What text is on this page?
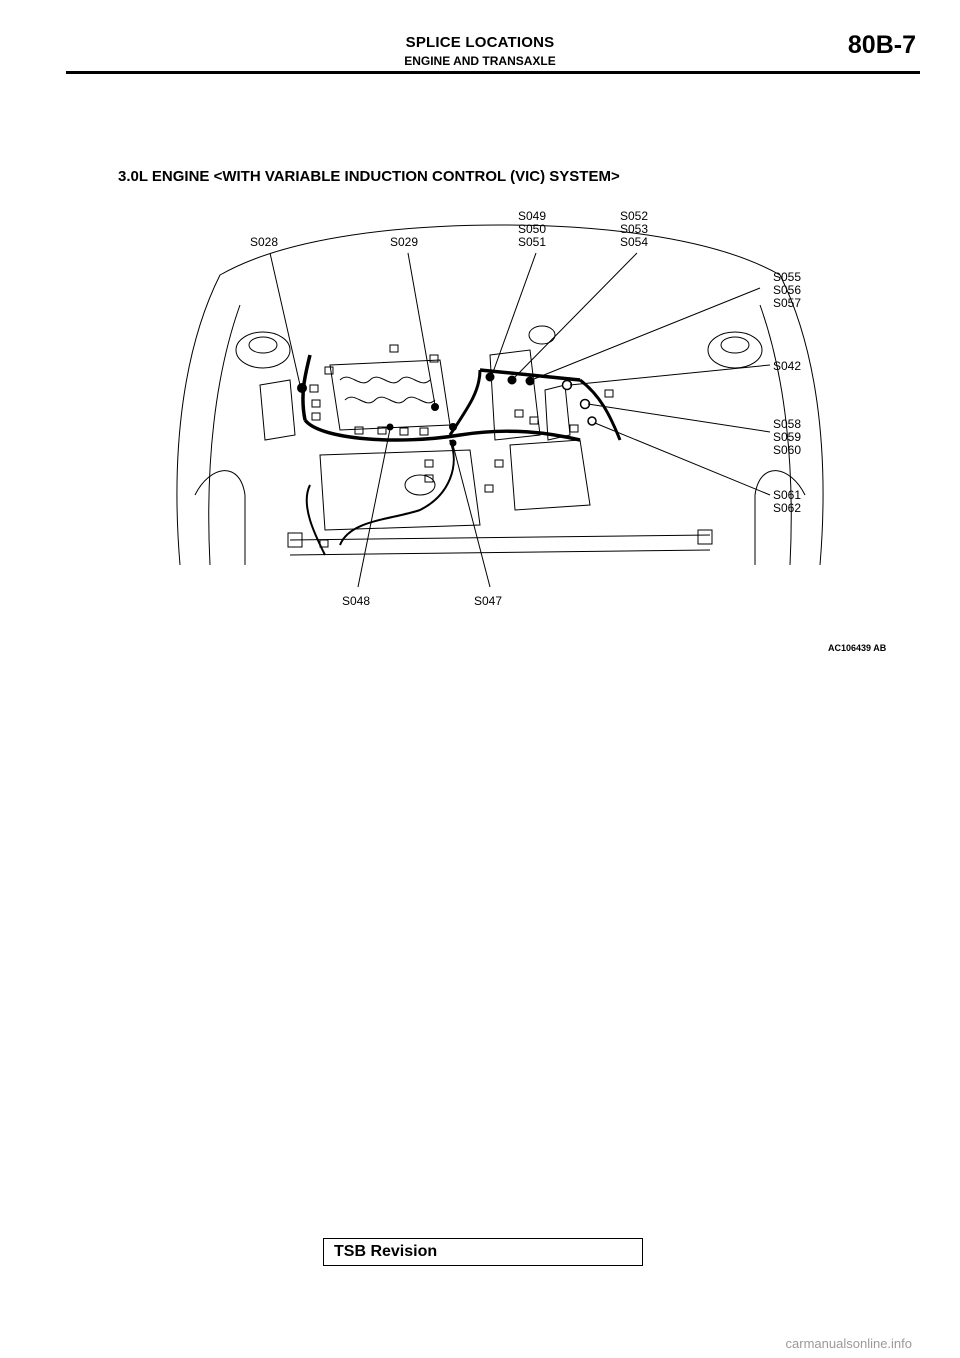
SPLICE LOCATIONS
ENGINE AND TRANSAXLE
80B-7
3.0L ENGINE <WITH VARIABLE INDUCTION CONTROL (VIC) SYSTEM>
S028	S029
S049
S050
S051
S052
S053
S054
S055
S056
S057
S042
S058
S059
S060
S061
S062
S048	S047
AC106439 AB
TSB Revision
carmanualsonline.info
